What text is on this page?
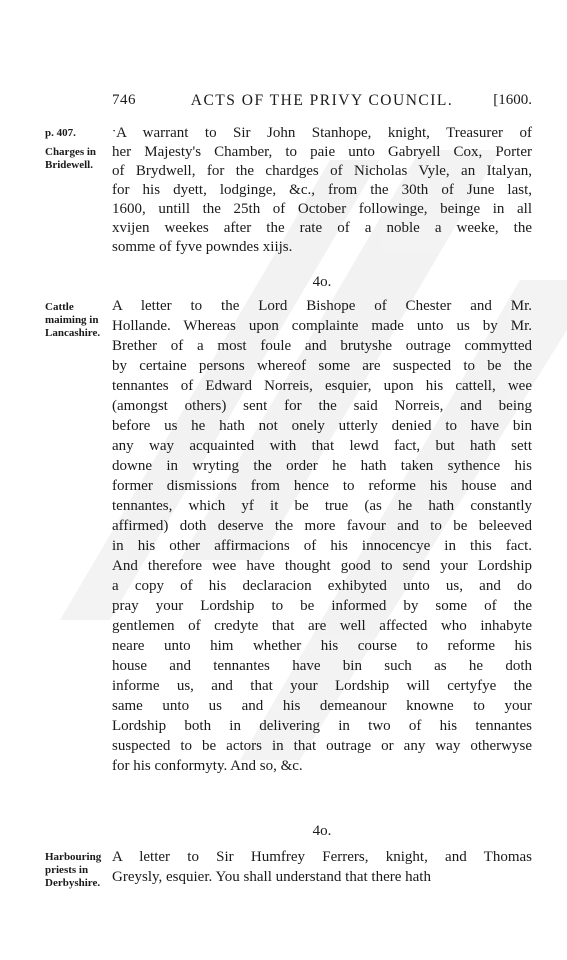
746	ACTS OF THE PRIVY COUNCIL.	[1600.
p. 407.
Charges in
Bridewell.
ˑA warrant to Sir John Stanhope, knight, Treasurer of
her Majesty's Chamber, to paie unto Gabryell Cox, Porter
of Brydwell, for the chardges of Nicholas Vyle, an Italyan,
for his dyett, lodginge, &c., from the 30th of June last,
1600, untill the 25th of October followinge, beinge in all
xvijen weekes after the rate of a noble a weeke, the
somme of fyve powndes xiijs.
4o.
Cattle
maiming in
Lancashire.
A letter to the Lord Bishope of Chester and Mr.
Hollande. Whereas upon complainte made unto us by Mr.
Brether of a most foule and brutyshe outrage commytted
by certaine persons whereof some are suspected to be the
tennantes of Edward Norreis, esquier, upon his cattell, wee
(amongst others) sent for the said Norreis, and being
before us he hath not onely utterly denied to have bin
any way acquainted with that lewd fact, but hath sett
downe in wryting the order he hath taken sythence his
former dismissions from hence to reforme his house and
tennantes, which yf it be true (as he hath constantly
affirmed) doth deserve the more favour and to be beleeved
in his other affirmacions of his innocencye in this fact.
And therefore wee have thought good to send your Lordship
a copy of his declaracion exhibyted unto us, and do
pray your Lordship to be informed by some of the
gentlemen of credyte that are well affected who inhabyte
neare unto him whether his course to reforme his
house and tennantes have bin such as he doth
informe us, and that your Lordship will certyfye the
same unto us and his demeanour knowne to your
Lordship both in delivering in two of his tennantes
suspected to be actors in that outrage or any way otherwyse
for his conformyty. And so, &c.
4o.
Harbouring
priests in
Derbyshire.
A letter to Sir Humfrey Ferrers, knight, and Thomas
Greysly, esquier. You shall understand that there hath
